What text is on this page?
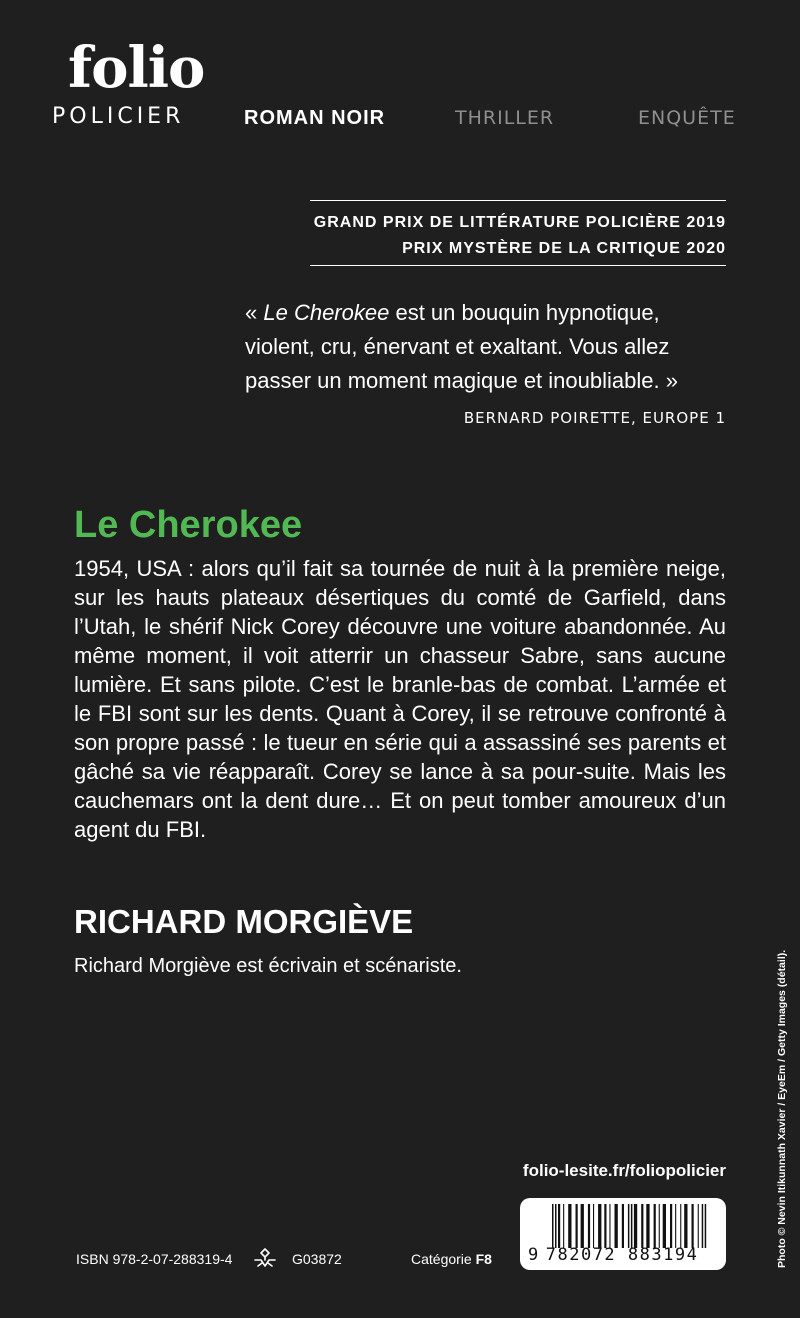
folio
POLICIER	ROMAN NOIR	THRILLER	ENQUÊTE
GRAND PRIX DE LITTÉRATURE POLICIÈRE 2019
PRIX MYSTÈRE DE LA CRITIQUE 2020
« Le Cherokee est un bouquin hypnotique, violent, cru, énervant et exaltant. Vous allez passer un moment magique et inoubliable. »
BERNARD POIRETTE, EUROPE 1
Le Cherokee
1954, USA : alors qu’il fait sa tournée de nuit à la première neige, sur les hauts plateaux désertiques du comté de Garfield, dans l’Utah, le shérif Nick Corey découvre une voiture abandonnée. Au même moment, il voit atterrir un chasseur Sabre, sans aucune lumière. Et sans pilote. C’est le branle-bas de combat. L’armée et le FBI sont sur les dents. Quant à Corey, il se retrouve confronté à son propre passé : le tueur en série qui a assassiné ses parents et gâché sa vie réapparaît. Corey se lance à sa pour-suite. Mais les cauchemars ont la dent dure… Et on peut tomber amoureux d’un agent du FBI.
RICHARD MORGIÈVE
Richard Morgiève est écrivain et scénariste.
folio-lesite.fr/foliopolicier
9 782072 883194
ISBN 978-2-07-288319-4	G03872	Catégorie F8	Photo © Nevin Itikunnath Xavier / EyeEm / Getty Images (détail).
